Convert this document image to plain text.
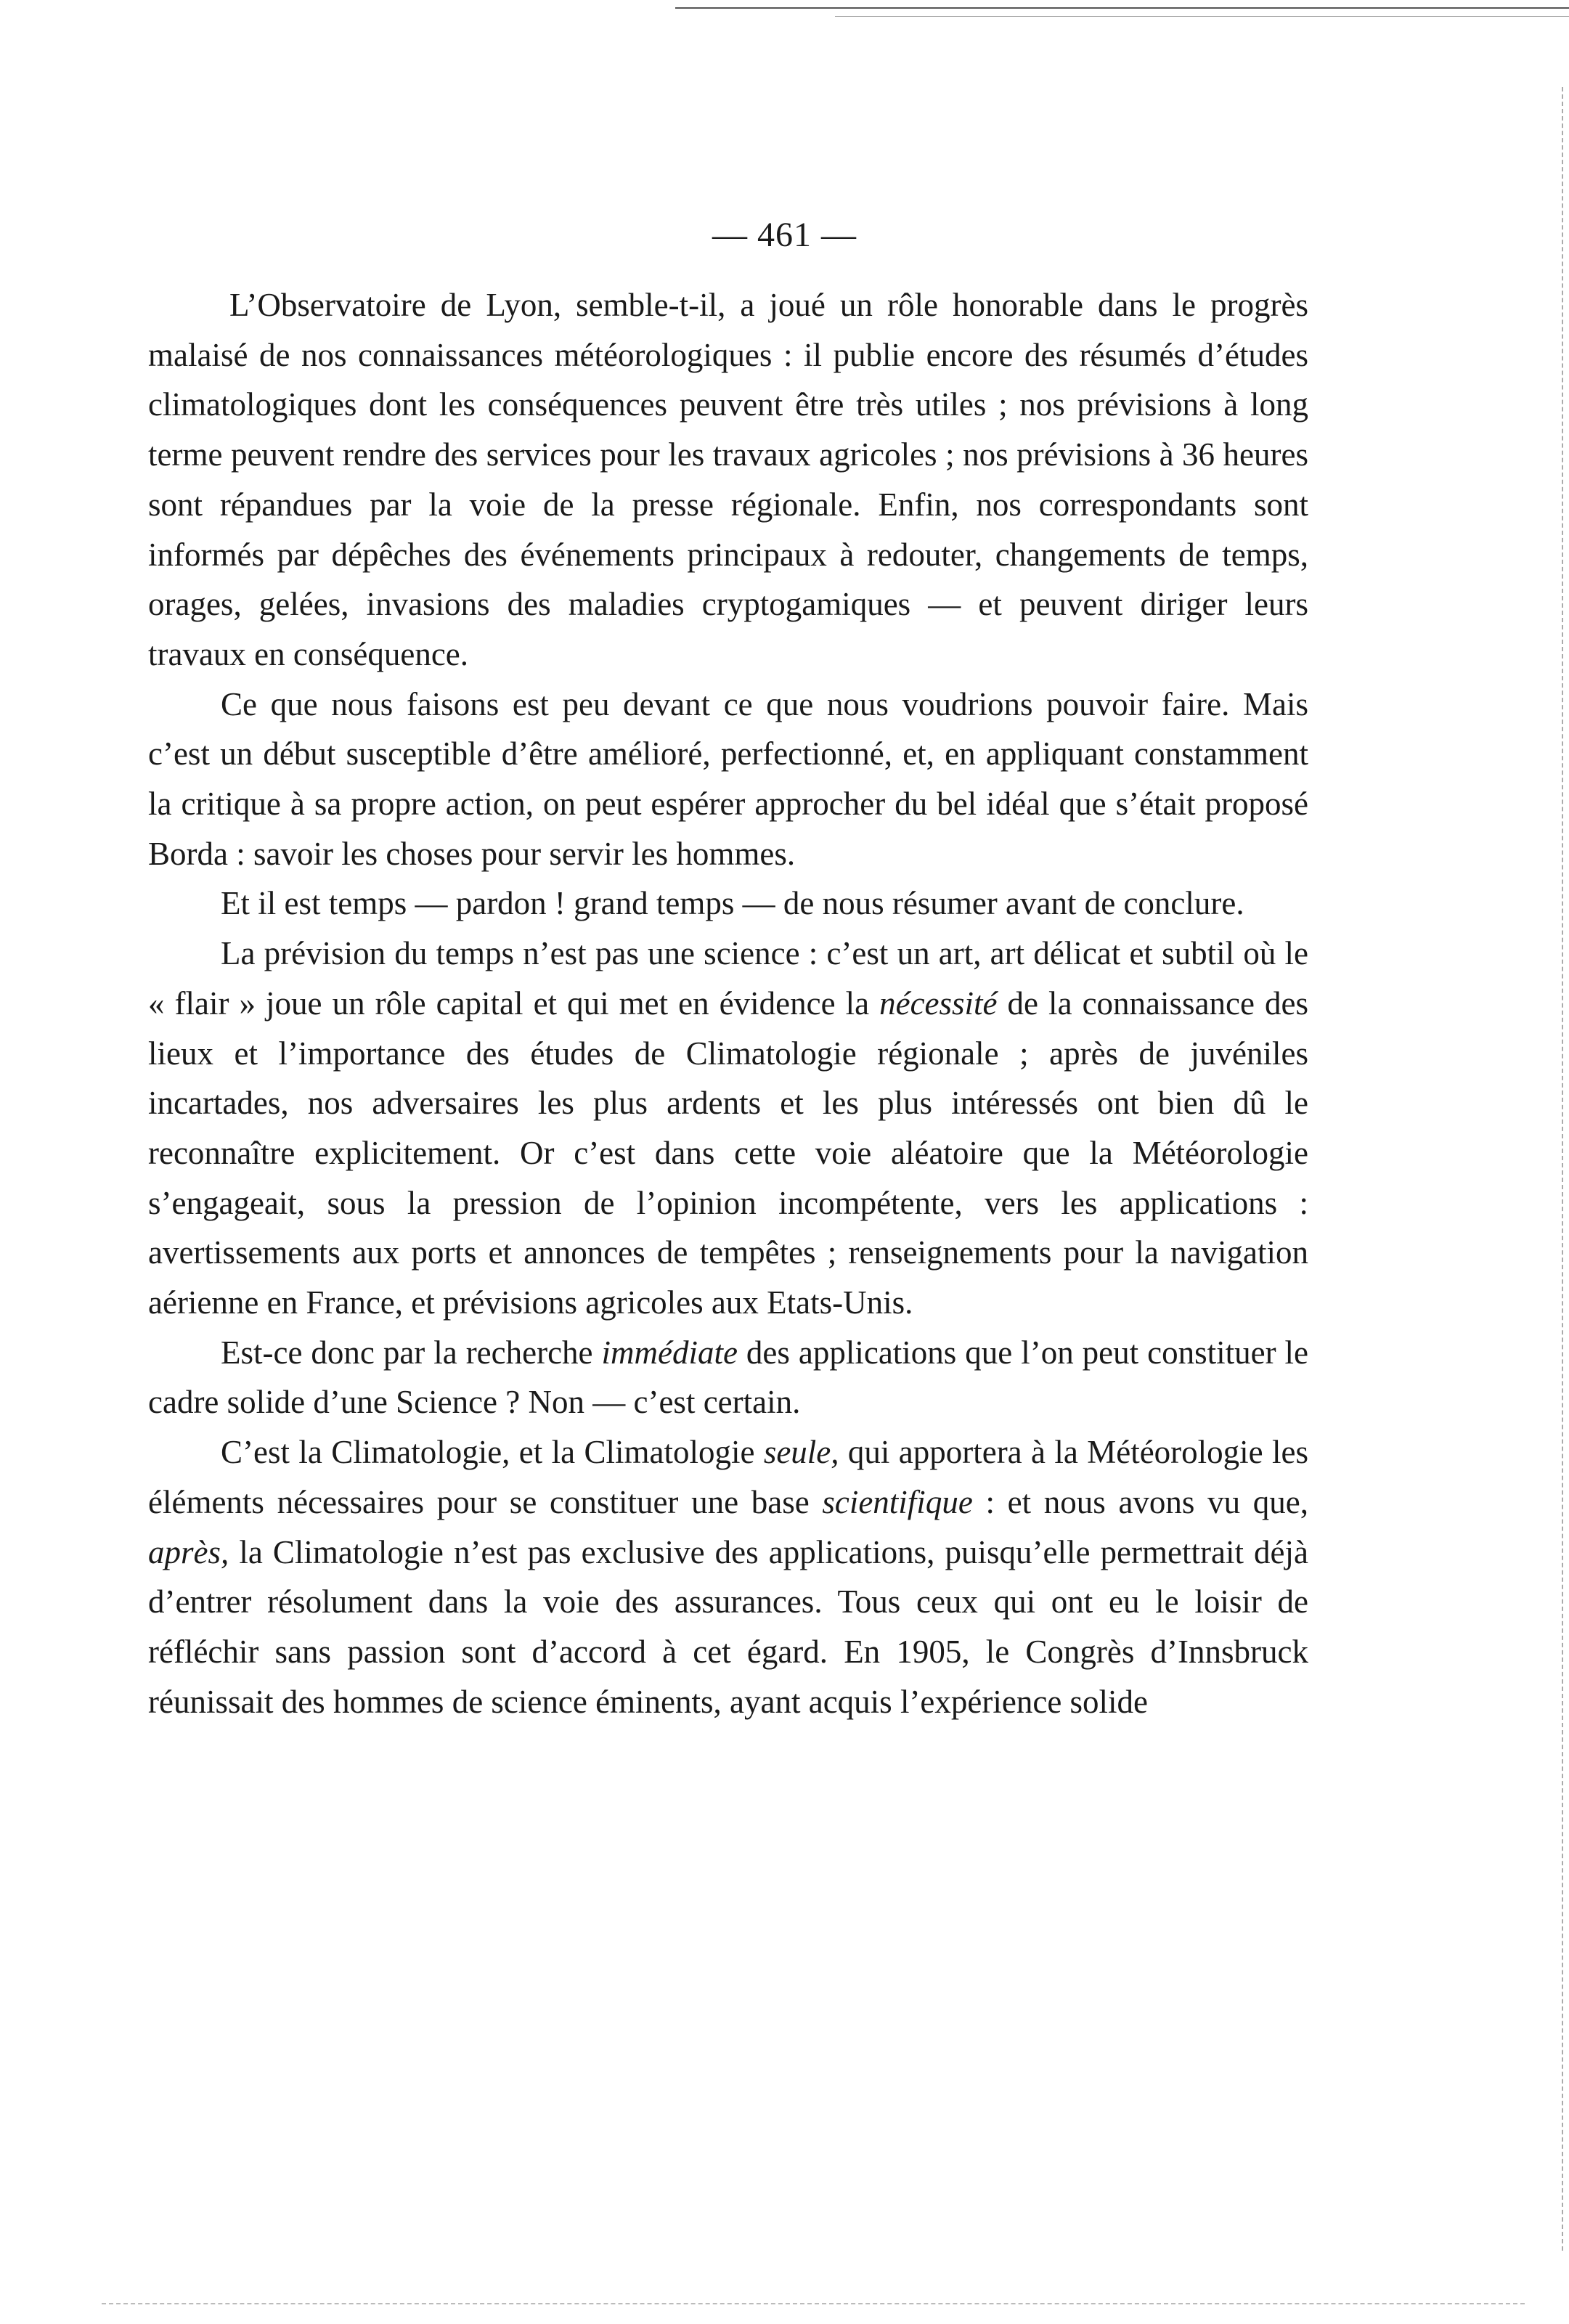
— 461 —

L’Observatoire de Lyon, semble-t-il, a joué un rôle honorable dans le progrès malaisé de nos connaissances météorologiques : il publie encore des résumés d’études climatologiques dont les conséquences peuvent être très utiles ; nos prévisions à long terme peuvent rendre des services pour les travaux agricoles ; nos prévisions à 36 heures sont répandues par la voie de la presse régionale. Enfin, nos correspondants sont informés par dépêches des événements principaux à redouter, changements de temps, orages, gelées, invasions des maladies cryptogamiques — et peuvent diriger leurs travaux en conséquence.

Ce que nous faisons est peu devant ce que nous voudrions pouvoir faire. Mais c’est un début susceptible d’être amélioré, perfectionné, et, en appliquant constamment la critique à sa propre action, on peut espérer approcher du bel idéal que s’était proposé Borda : savoir les choses pour servir les hommes.

Et il est temps — pardon ! grand temps — de nous résumer avant de conclure.

La prévision du temps n’est pas une science : c’est un art, art délicat et subtil où le « flair » joue un rôle capital et qui met en évidence la nécessité de la connaissance des lieux et l’importance des études de Climatologie régionale ; après de juvéniles incartades, nos adversaires les plus ardents et les plus intéressés ont bien dû le reconnaître explicitement. Or c’est dans cette voie aléatoire que la Météorologie s’engageait, sous la pression de l’opinion incompétente, vers les applications : avertissements aux ports et annonces de tempêtes ; renseignements pour la navigation aérienne en France, et prévisions agricoles aux Etats-Unis.

Est-ce donc par la recherche immédiate des applications que l’on peut constituer le cadre solide d’une Science ? Non — c’est certain.

C’est la Climatologie, et la Climatologie seule, qui apportera à la Météorologie les éléments nécessaires pour se constituer une base scientifique : et nous avons vu que, après, la Climatologie n’est pas exclusive des applications, puisqu’elle permettrait déjà d’entrer résolument dans la voie des assurances. Tous ceux qui ont eu le loisir de réfléchir sans passion sont d’accord à cet égard. En 1905, le Congrès d’Innsbruck réunissait des hommes de science éminents, ayant acquis l’expérience solide
